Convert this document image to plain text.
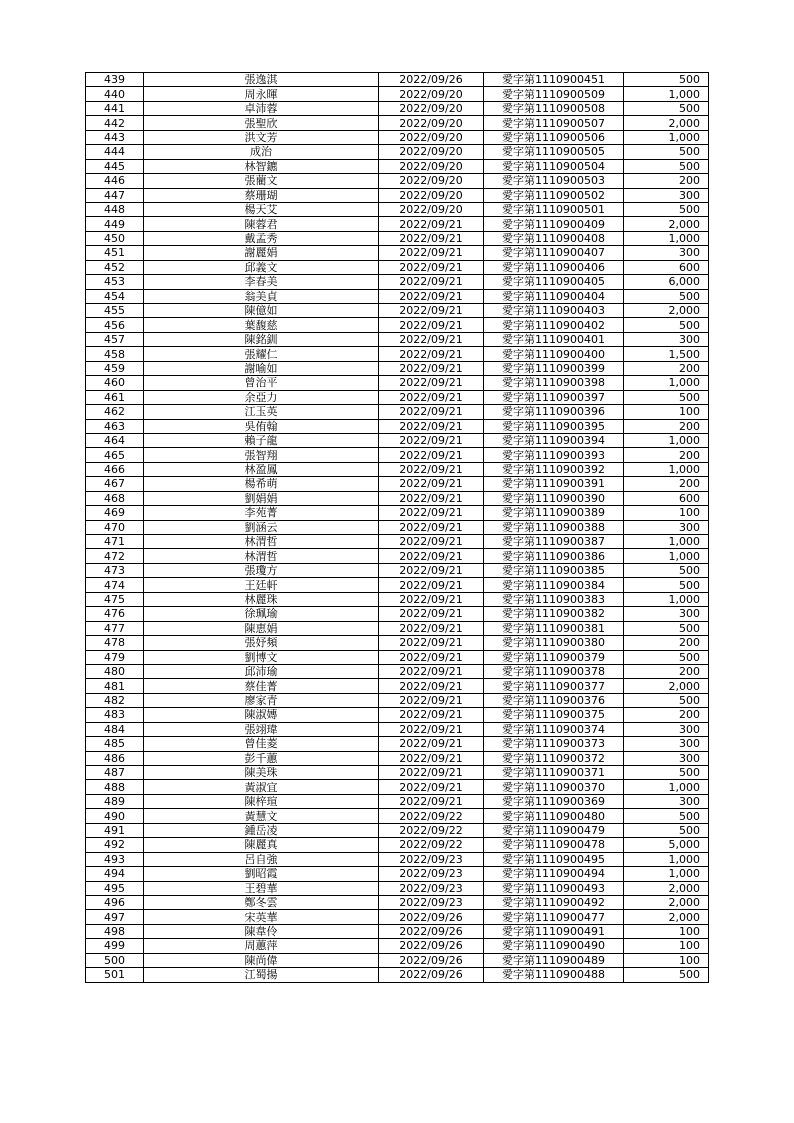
439	張逸淇	2022/09/26	愛字第1110900451	500
440	周永暉	2022/09/20	愛字第1110900509	1,000
441	卓沛蓉	2022/09/20	愛字第1110900508	500
442	張聖欣	2022/09/20	愛字第1110900507	2,000
443	洪文芳	2022/09/20	愛字第1110900506	1,000
444	成治	2022/09/20	愛字第1110900505	500
445	林智鑣	2022/09/20	愛字第1110900504	500
446	張藺文	2022/09/20	愛字第1110900503	200
447	蔡珊瑚	2022/09/20	愛字第1110900502	300
448	楊天艾	2022/09/20	愛字第1110900501	500
449	陳蓉君	2022/09/21	愛字第1110900409	2,000
450	戴孟秀	2022/09/21	愛字第1110900408	1,000
451	謝麗娟	2022/09/21	愛字第1110900407	300
452	邱義文	2022/09/21	愛字第1110900406	600
453	李春美	2022/09/21	愛字第1110900405	6,000
454	翁美貞	2022/09/21	愛字第1110900404	500
455	陳億如	2022/09/21	愛字第1110900403	2,000
456	葉馥慈	2022/09/21	愛字第1110900402	500
457	陳銘釧	2022/09/21	愛字第1110900401	300
458	張耀仁	2022/09/21	愛字第1110900400	1,500
459	謝喻如	2022/09/21	愛字第1110900399	200
460	曾治平	2022/09/21	愛字第1110900398	1,000
461	余亞力	2022/09/21	愛字第1110900397	500
462	江玉英	2022/09/21	愛字第1110900396	100
463	吳侑翰	2022/09/21	愛字第1110900395	200
464	賴子龍	2022/09/21	愛字第1110900394	1,000
465	張智翔	2022/09/21	愛字第1110900393	200
466	林盈鳳	2022/09/21	愛字第1110900392	1,000
467	楊希萌	2022/09/21	愛字第1110900391	200
468	劉娟娟	2022/09/21	愛字第1110900390	600
469	李苑菁	2022/09/21	愛字第1110900389	100
470	劉涵云	2022/09/21	愛字第1110900388	300
471	林渭哲	2022/09/21	愛字第1110900387	1,000
472	林渭哲	2022/09/21	愛字第1110900386	1,000
473	張瓊方	2022/09/21	愛字第1110900385	500
474	王廷軒	2022/09/21	愛字第1110900384	500
475	林麗珠	2022/09/21	愛字第1110900383	1,000
476	徐珮瑜	2022/09/21	愛字第1110900382	300
477	陳恵娟	2022/09/21	愛字第1110900381	500
478	張妤頻	2022/09/21	愛字第1110900380	200
479	劉博文	2022/09/21	愛字第1110900379	500
480	邱沛瑜	2022/09/21	愛字第1110900378	200
481	蔡佳菁	2022/09/21	愛字第1110900377	2,000
482	廖家青	2022/09/21	愛字第1110900376	500
483	陳淑嫥	2022/09/21	愛字第1110900375	200
484	張翊瑋	2022/09/21	愛字第1110900374	300
485	曾佳菱	2022/09/21	愛字第1110900373	300
486	彭千蕙	2022/09/21	愛字第1110900372	300
487	陳美珠	2022/09/21	愛字第1110900371	500
488	黃淑宜	2022/09/21	愛字第1110900370	1,000
489	陳梓瑄	2022/09/21	愛字第1110900369	300
490	黃慧文	2022/09/22	愛字第1110900480	500
491	鍾岳凌	2022/09/22	愛字第1110900479	500
492	陳麗真	2022/09/22	愛字第1110900478	5,000
493	呂自強	2022/09/23	愛字第1110900495	1,000
494	劉昭霞	2022/09/23	愛字第1110900494	1,000
495	王碧華	2022/09/23	愛字第1110900493	2,000
496	鄭冬雲	2022/09/23	愛字第1110900492	2,000
497	宋英華	2022/09/26	愛字第1110900477	2,000
498	陳韋伶	2022/09/26	愛字第1110900491	100
499	周蕙萍	2022/09/26	愛字第1110900490	100
500	陳尚偉	2022/09/26	愛字第1110900489	100
501	江蜀揚	2022/09/26	愛字第1110900488	500
